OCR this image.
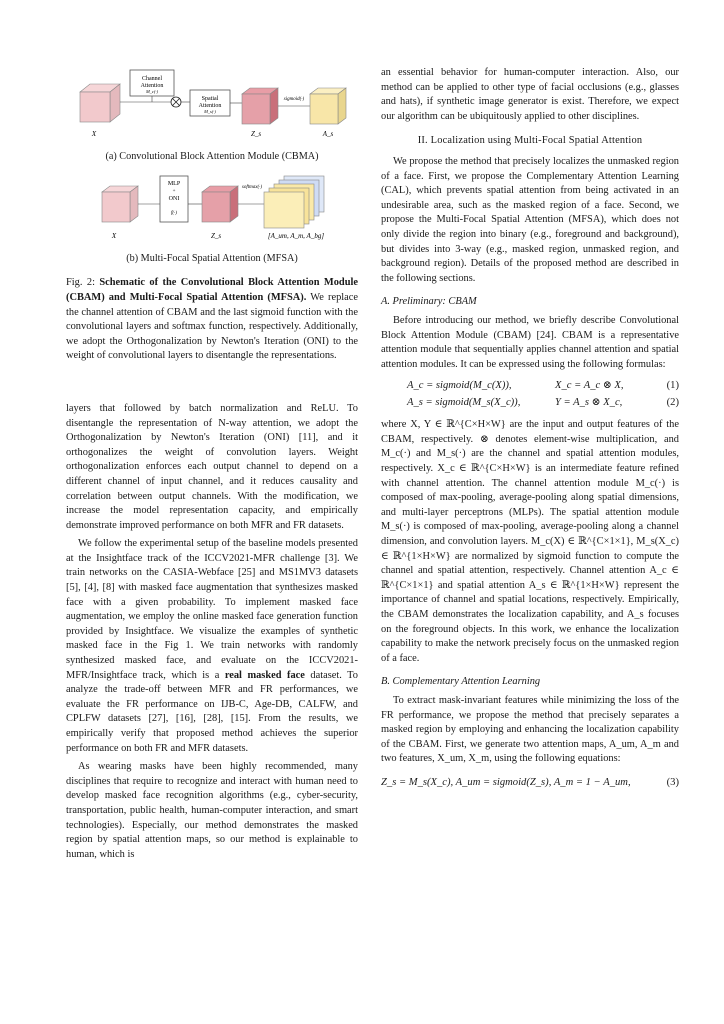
Channel
Attention
M_c(·)
Spatial
Attention
M_s(·)
sigmoid(·)
X	Z_s	A_s

(a) Convolutional Block Attention Module (CBMA)

MLP
+
ONI
f(·)
softmax(·)
X	Z_s	[A_um, A_m, A_bg]

(b) Multi-Focal Spatial Attention (MFSA)

Fig. 2: Schematic of the Convolutional Block Attention Module (CBAM) and Multi-Focal Spatial Attention (MFSA). We replace the channel attention of CBAM and the last sigmoid function with the convolutional layers and softmax function, respectively. Additionally, we adopt the Orthogonalization by Newton's Iteration (ONI) to the weight of convolutional layers to disentangle the representations.

layers that followed by batch normalization and ReLU. To disentangle the representation of N-way attention, we adopt the Orthogonalization by Newton's Iteration (ONI) [11], and it orthogonalizes the weight of convolution layers. Weight orthogonalization enforces each output channel to depend on a different channel of input channel, and it reduces causality and correlation between output channels. With the modification, we increase the model representation capacity, and empirically demonstrate improved performance on both MFR and FR datasets.

We follow the experimental setup of the baseline models presented at the Insightface track of the ICCV2021-MFR challenge [3]. We train networks on the CASIA-Webface [25] and MS1MV3 datasets [5], [4], [8] with masked face augmentation that synthesizes masked face with a given probability. To implement masked face augmentation, we employ the online masked face generation function provided by Insightface. We visualize the examples of synthetic masked face in the Fig 1. We train networks with randomly synthesized masked face, and evaluate on the ICCV2021-MFR/Insightface track, which is a real masked face dataset. To analyze the trade-off between MFR and FR performances, we evaluate the FR performance on IJB-C, Age-DB, CALFW, and CPLFW datasets [27], [16], [28], [15]. From the results, we empirically verify that proposed method achieves the superior performance on both FR and MFR datasets.

As wearing masks have been highly recommended, many disciplines that require to recognize and interact with human need to develop masked face recognition algorithms (e.g., cyber-security, transportation, public health, human-computer interaction, and smart technologies). Especially, our method demonstrates the masked region by spatial attention maps, so our method is explainable to human, which is

an essential behavior for human-computer interaction. Also, our method can be applied to other type of facial occlusions (e.g., glasses and hats), if synthetic image generator is exist. Therefore, we expect our algorithm can be ubiquitously applied to other disciplines.

II. Localization using Multi-Focal Spatial Attention

We propose the method that precisely localizes the unmasked region of a face. First, we propose the Complementary Attention Learning (CAL), which prevents spatial attention from being activated in an undesirable area, such as the masked region of a face. Second, we propose the Multi-Focal Spatial Attention (MFSA), which does not only divide the region into binary (e.g., foreground and background), but divides into 3-way (e.g., masked region, unmasked region, and background region). Details of the proposed method are described in the following sections.

A. Preliminary: CBAM

Before introducing our method, we briefly describe Convolutional Block Attention Module (CBAM) [24]. CBAM is a representative attention module that sequentially applies channel attention and spatial attention modules. It can be expressed using the following formulas:

A_c = sigmoid(M_c(X)),	X_c = A_c ⊗ X,	(1)
A_s = sigmoid(M_s(X_c)),	Y = A_s ⊗ X_c,	(2)

where X, Y ∈ ℝ^{C×H×W} are the input and output features of the CBAM, respectively. ⊗ denotes element-wise multiplication, and M_c(·) and M_s(·) are the channel and spatial attention modules, respectively. X_c ∈ ℝ^{C×H×W} is an intermediate feature refined with channel attention. The channel attention module M_c(·) is composed of max-pooling, average-pooling along spatial dimensions, and multi-layer perceptrons (MLPs). The spatial attention module M_s(·) is composed of max-pooling, average-pooling along a channel dimension, and convolution layers. M_c(X) ∈ ℝ^{C×1×1}, M_s(X_c) ∈ ℝ^{1×H×W} are normalized by sigmoid function to compute the channel and spatial attention, respectively. Channel attention A_c ∈ ℝ^{C×1×1} and spatial attention A_s ∈ ℝ^{1×H×W} represent the importance of channel and spatial locations, respectively. Empirically, the CBAM demonstrates the localization capability, and A_s focuses on the foreground objects. In this work, we enhance the localization capability to make the network precisely focus on the unmasked region of a face.

B. Complementary Attention Learning

To extract mask-invariant features while minimizing the loss of the FR performance, we propose the method that precisely separates a masked region by employing and enhancing the localization capability of the CBAM. First, we generate two attention maps, A_um, A_m and two features, X_um, X_m, using the following equations:

Z_s = M_s(X_c), A_um = sigmoid(Z_s), A_m = 1 − A_um,	(3)
